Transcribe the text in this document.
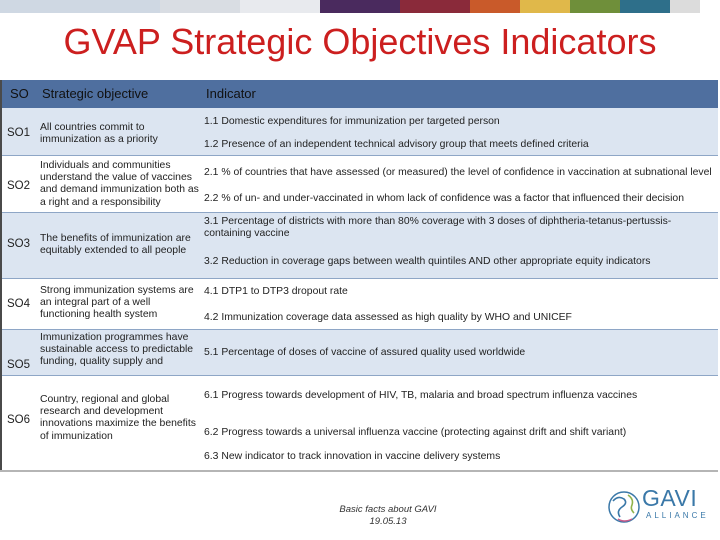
GVAP Strategic Objectives Indicators
SO Strategic objective	Indicator
SO1 All countries commit to immunization as a priority
1.1 Domestic expenditures for immunization per targeted person
1.2 Presence of an independent technical advisory group that meets defined criteria
SO2
Individuals and communities understand the value of vaccines and demand immunization both as a right and a responsibility
2.1 % of countries that have assessed (or measured) the level of confidence in vaccination at subnational level
2.2 % of un- and under-vaccinated in whom lack of confidence was a factor that influenced their decision
SO3 The benefits of immunization are equitably extended to all people
3.1 Percentage of districts with more than 80% coverage with 3 doses of diphtheria-tetanus-pertussis-containing vaccine
3.2 Reduction in coverage gaps between wealth quintiles AND other appropriate equity indicators
SO4
Strong immunization systems are an integral part of a well functioning health system
4.1 DTP1 to DTP3 dropout rate
4.2 Immunization coverage data assessed as high quality by WHO and UNICEF
SO5
Immunization programmes have sustainable access to predictable funding, quality supply and
5.1 Percentage of doses of vaccine of assured quality used worldwide
SO6
Country, regional and global research and development innovations maximize the benefits of immunization
6.1 Progress towards development of HIV, TB, malaria and broad spectrum influenza vaccines
6.2 Progress towards a universal influenza vaccine (protecting against drift and shift variant)
6.3 New indicator to track innovation in vaccine delivery systems
Basic facts about GAVI
19.05.13
GAVI
ALLIANCE
